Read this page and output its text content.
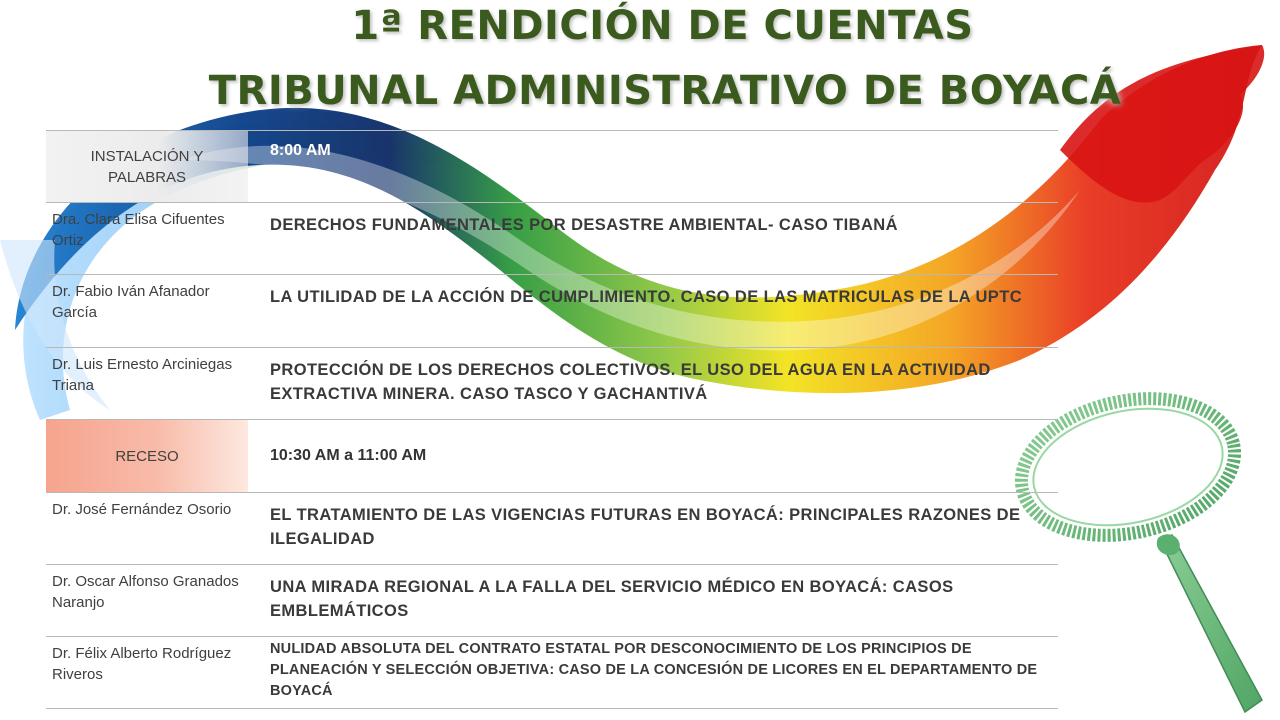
1ª RENDICIÓN DE CUENTAS
TRIBUNAL ADMINISTRATIVO DE BOYACÁ
INSTALACIÓN Y PALABRAS
8:00 AM
Dra. Clara Elisa Cifuentes Ortiz
DERECHOS FUNDAMENTALES POR DESASTRE AMBIENTAL- CASO TIBANÁ
Dr. Fabio Iván Afanador García
LA UTILIDAD DE LA ACCIÓN DE CUMPLIMIENTO. CASO DE LAS MATRICULAS DE LA UPTC
Dr. Luis Ernesto Arciniegas Triana
PROTECCIÓN DE LOS DERECHOS COLECTIVOS. EL USO DEL AGUA EN LA ACTIVIDAD EXTRACTIVA MINERA. CASO TASCO Y GACHANTIVÁ
RECESO	10:30 AM a 11:00 AM
Dr. José Fernández Osorio	EL TRATAMIENTO DE LAS VIGENCIAS FUTURAS EN BOYACÁ: PRINCIPALES RAZONES DE ILEGALIDAD
Dr. Oscar Alfonso Granados Naranjo
UNA MIRADA REGIONAL A LA FALLA DEL SERVICIO MÉDICO EN BOYACÁ: CASOS EMBLEMÁTICOS
Dr. Félix Alberto Rodríguez Riveros
NULIDAD ABSOLUTA DEL CONTRATO ESTATAL POR DESCONOCIMIENTO DE LOS PRINCIPIOS DE PLANEACIÓN Y SELECCIÓN OBJETIVA: CASO DE LA CONCESIÓN DE LICORES EN EL DEPARTAMENTO DE BOYACÁ
